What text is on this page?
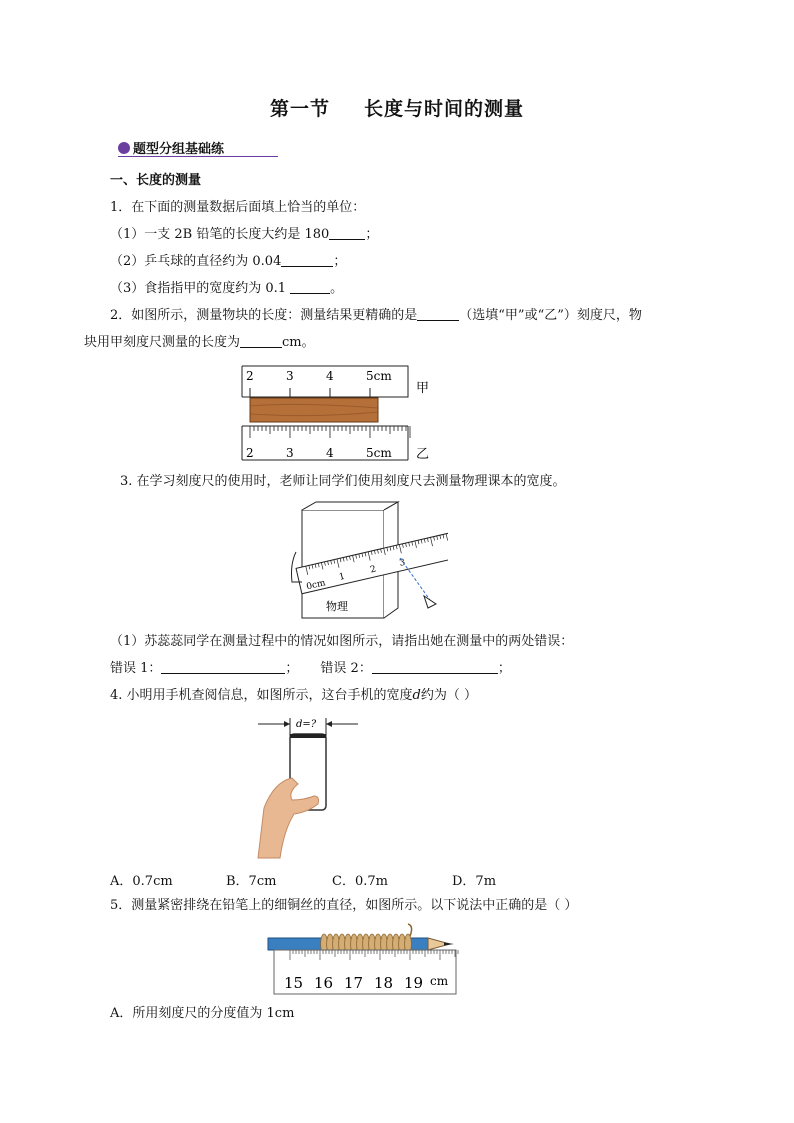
第一节 长度与时间的测量
题型分组基础练
一、长度的测量
1．在下面的测量数据后面填上恰当的单位：
（1）一支 2B 铅笔的长度大约是 180	；
（2）乒乓球的直径约为 0.04	；
（3）食指指甲的宽度约为 0.1	。
2．如图所示，测量物块的长度：测量结果更精确的是	（选填“甲”或“乙”）刻度尺，物
块用甲刻度尺测量的长度为	cm。
2	3	4	5cm
甲
2	3	4	5cm 乙
3. 在学习刻度尺的使用时，老师让同学们使用刻度尺去测量物理课本的宽度。
物理
0cm
1
2
3
（1）苏蕊蕊同学在测量过程中的情况如图所示，请指出她在测量中的两处错误：
错误 1：	； 错误 2：	；
4. 小明用手机查阅信息，如图所示，这台手机的宽度d约为（ ）
d=?
A．0.7cm	B．7cm	C．0.7m	D．7m
5．测量紧密排绕在铅笔上的细铜丝的直径，如图所示。以下说法中正确的是（ ）
15 16 17 18 19 cm
A．所用刻度尺的分度值为 1cm
